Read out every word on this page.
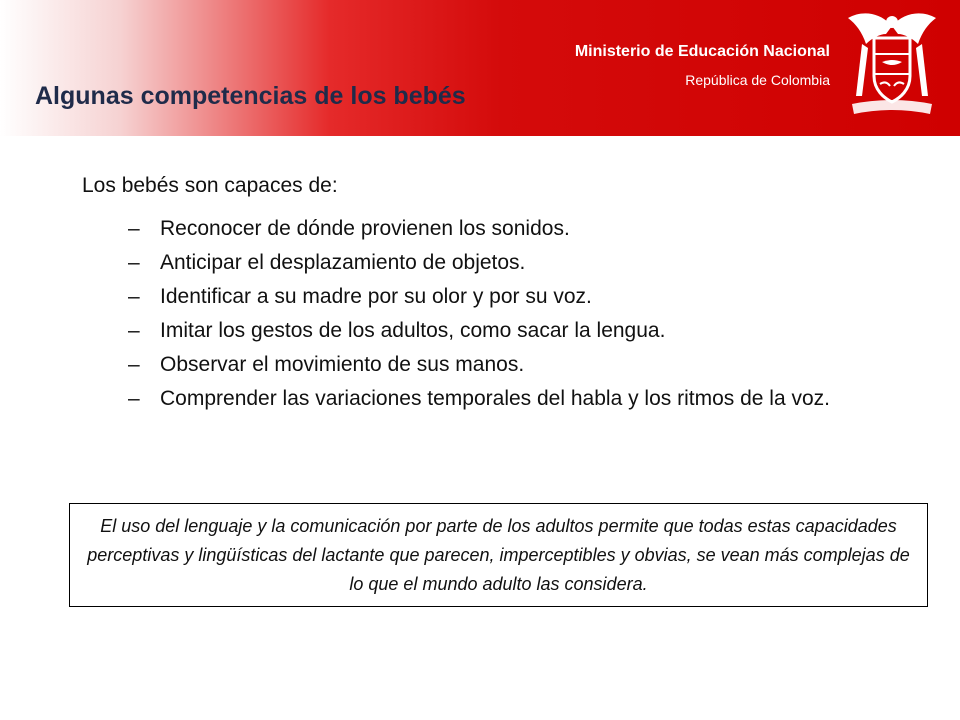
Ministerio de Educación Nacional
República de Colombia
Algunas competencias de los bebés
Los bebés son capaces de:
– Reconocer de dónde provienen los sonidos.
– Anticipar el desplazamiento de objetos.
– Identificar a su madre por su olor y por su voz.
– Imitar los gestos de los adultos, como sacar la lengua.
– Observar el movimiento de sus manos.
– Comprender las variaciones temporales del habla y los ritmos de la voz.
El uso del lenguaje y la comunicación por parte de los adultos permite que todas estas capacidades perceptivas y lingüísticas del lactante que parecen, imperceptibles y obvias, se vean más complejas de lo que el mundo adulto las considera.
